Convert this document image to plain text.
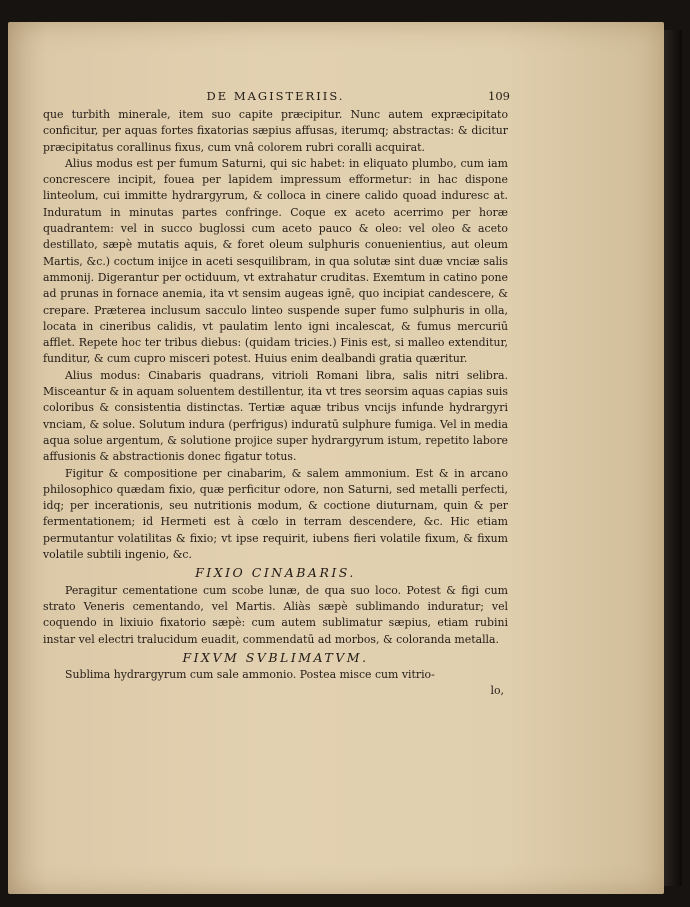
DE MAGISTERIIS.	109

que turbith minerale, item suo capite præcipitur. Nunc autem expræcipitato conficitur, per aquas fortes fixatorias sæpius affusas, iterumq; abstractas: & dicitur præcipitatus corallinus fixus, cum vnâ colorem rubri coralli acquirat.

Alius modus est per fumum Saturni, qui sic habet: in eliquato plumbo, cum iam concrescere incipit, fouea per lapidem impressum efformetur: in hac dispone linteolum, cui immitte hydrargyrum, & colloca in cinere calido quoad induresc at. Induratum in minutas partes confringe. Coque ex aceto acerrimo per horæ quadrantem: vel in succo buglossi cum aceto pauco & oleo: vel oleo & aceto destillato, sæpè mutatis aquis, & foret oleum sulphuris conuenientius, aut oleum Martis, &c.) coctum inijce in aceti sesquilibram, in qua solutæ sint duæ vnciæ salis ammonij. Digerantur per octiduum, vt extrahatur cruditas. Exemtum in catino pone ad prunas in fornace anemia, ita vt sensim augeas ignē, quo incipiat candescere, & crepare. Præterea inclusum sacculo linteo suspende super fumo sulphuris in olla, locata in cineribus calidis, vt paulatim lento igni incalescat, & fumus mercuriū afflet. Repete hoc ter tribus diebus: (quidam tricies.) Finis est, si malleo extenditur, funditur, & cum cupro misceri potest. Huius enim dealbandi gratia quæritur.

Alius modus: Cinabaris quadrans, vitrioli Romani libra, salis nitri selibra. Misceantur & in aquam soluentem destillentur, ita vt tres seorsim aquas capias suis coloribus & consistentia distinctas. Tertiæ aquæ tribus vncijs infunde hydrargyri vnciam, & solue. Solutum indura (perfrigus) induratū sulphure fumiga. Vel in media aqua solue argentum, & solutione projice super hydrargyrum istum, repetito labore affusionis & abstractionis donec figatur totus.

Figitur & compositione per cinabarim, & salem ammonium. Est & in arcano philosophico quædam fixio, quæ perficitur odore, non Saturni, sed metalli perfecti, idq; per incerationis, seu nutritionis modum, & coctione diuturnam, quin & per fermentationem; id Hermeti est à cœlo in terram descendere, &c. Hic etiam permutantur volatilitas & fixio; vt ipse requirit, iubens fieri volatile fixum, & fixum volatile subtili ingenio, &c.

FIXIO CINABARIS.

Peragitur cementatione cum scobe lunæ, de qua suo loco. Potest & figi cum strato Veneris cementando, vel Martis. Aliàs sæpè sublimando induratur; vel coquendo in lixiuio fixatorio sæpè: cum autem sublimatur sæpius, etiam rubini instar vel electri tralucidum euadit, commendatū ad morbos, & coloranda metalla.

FIXVM SVBLIMATVM.

Sublima hydrargyrum cum sale ammonio. Postea misce cum vitrio-

lo,
